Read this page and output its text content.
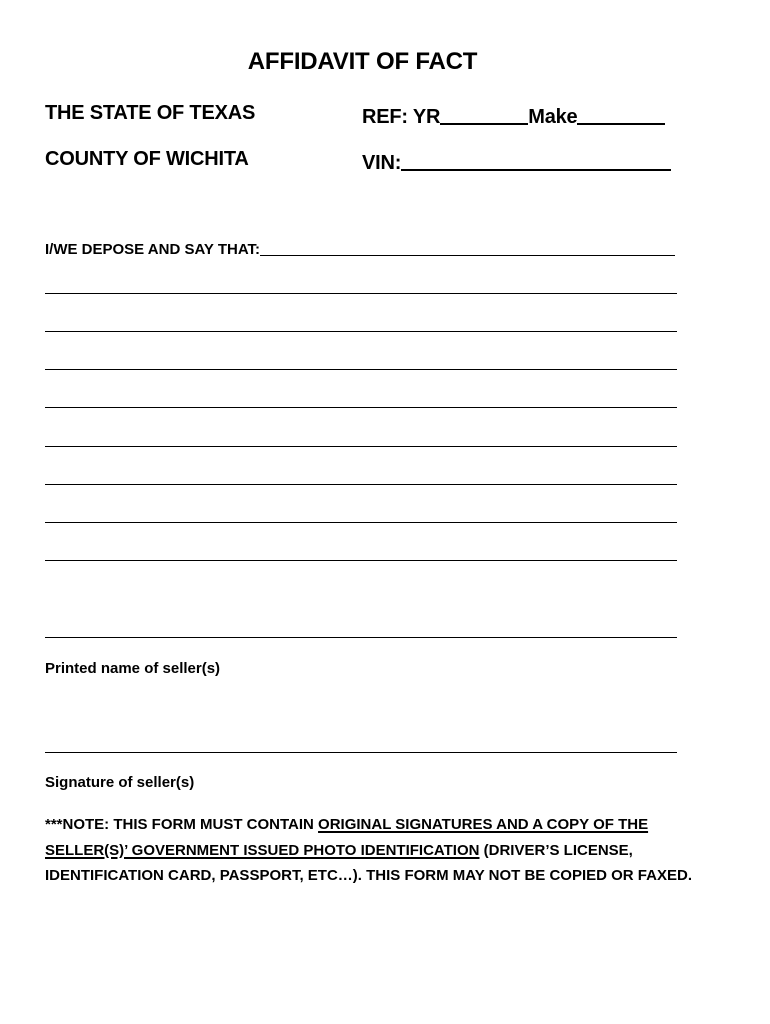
AFFIDAVIT OF FACT
THE STATE OF TEXAS
COUNTY OF WICHITA
REF: YR	Make
VIN:
I/WE DEPOSE AND SAY THAT:
Printed name of seller(s)
Signature of seller(s)
***NOTE: THIS FORM MUST CONTAIN ORIGINAL SIGNATURES AND A COPY OF THE SELLER(S)’ GOVERNMENT ISSUED PHOTO IDENTIFICATION (DRIVER’S LICENSE, IDENTIFICATION CARD, PASSPORT, ETC…). THIS FORM MAY NOT BE COPIED OR FAXED.
